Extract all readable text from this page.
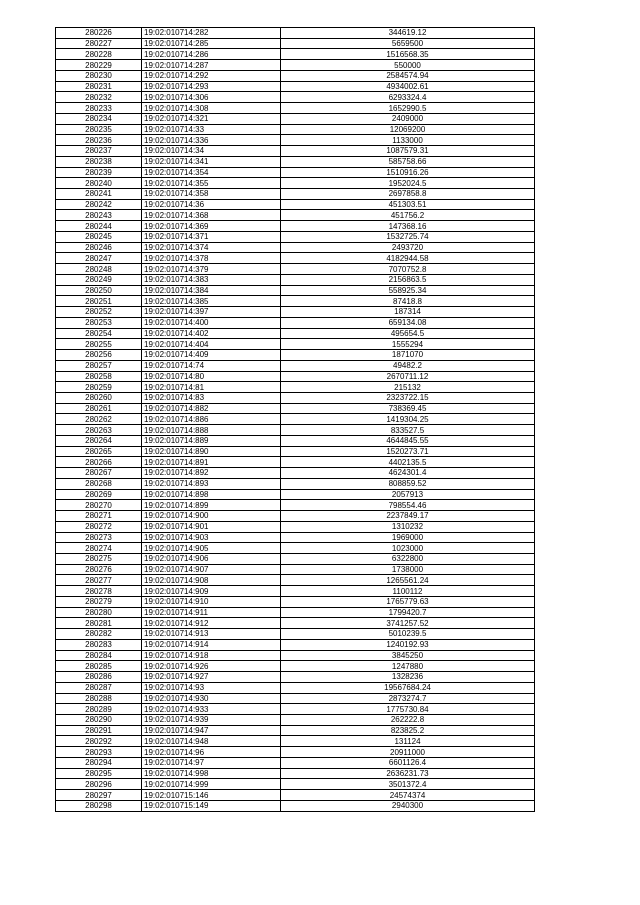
280226	19:02:010714:282	344619.12
280227	19:02:010714:285	5659500
280228	19:02:010714:286	1516568.35
280229	19:02:010714:287	550000
280230	19:02:010714:292	2584574.94
280231	19:02:010714:293	4934002.61
280232	19:02:010714:306	6293324.4
280233	19:02:010714:308	1652990.5
280234	19:02:010714:321	2409000
280235	19:02:010714:33	12069200
280236	19:02:010714:336	1133000
280237	19:02:010714:34	1087579.31
280238	19:02:010714:341	585758.66
280239	19:02:010714:354	1510916.26
280240	19:02:010714:355	1952024.5
280241	19:02:010714:358	2697858.8
280242	19:02:010714:36	451303.51
280243	19:02:010714:368	451756.2
280244	19:02:010714:369	147368.16
280245	19:02:010714:371	1532725.74
280246	19:02:010714:374	2493720
280247	19:02:010714:378	4182944.58
280248	19:02:010714:379	7070752.8
280249	19:02:010714:383	2156863.5
280250	19:02:010714:384	558925.34
280251	19:02:010714:385	87418.8
280252	19:02:010714:397	187314
280253	19:02:010714:400	659134.08
280254	19:02:010714:402	495654.5
280255	19:02:010714:404	1555294
280256	19:02:010714:409	1871070
280257	19:02:010714:74	49482.2
280258	19:02:010714:80	2670711.12
280259	19:02:010714:81	215132
280260	19:02:010714:83	2323722.15
280261	19:02:010714:882	738369.45
280262	19:02:010714:886	1419304.25
280263	19:02:010714:888	833527.5
280264	19:02:010714:889	4644845.55
280265	19:02:010714:890	1520273.71
280266	19:02:010714:891	4402135.5
280267	19:02:010714:892	4624301.4
280268	19:02:010714:893	808859.52
280269	19:02:010714:898	2057913
280270	19:02:010714:899	798554.46
280271	19:02:010714:900	2237849.17
280272	19:02:010714:901	1310232
280273	19:02:010714:903	1969000
280274	19:02:010714:905	1023000
280275	19:02:010714:906	6322800
280276	19:02:010714:907	1738000
280277	19:02:010714:908	1265561.24
280278	19:02:010714:909	1100112
280279	19:02:010714:910	1765779.63
280280	19:02:010714:911	1799420.7
280281	19:02:010714:912	3741257.52
280282	19:02:010714:913	5010239.5
280283	19:02:010714:914	1240192.93
280284	19:02:010714:918	3845250
280285	19:02:010714:926	1247880
280286	19:02:010714:927	1328236
280287	19:02:010714:93	19567684.24
280288	19:02:010714:930	2873274.7
280289	19:02:010714:933	1775730.84
280290	19:02:010714:939	262222.8
280291	19:02:010714:947	823825.2
280292	19:02:010714:948	131124
280293	19:02:010714:96	20911000
280294	19:02:010714:97	6601126.4
280295	19:02:010714:998	2636231.73
280296	19:02:010714:999	3501372.4
280297	19:02:010715:146	24574374
280298	19:02:010715:149	2940300
